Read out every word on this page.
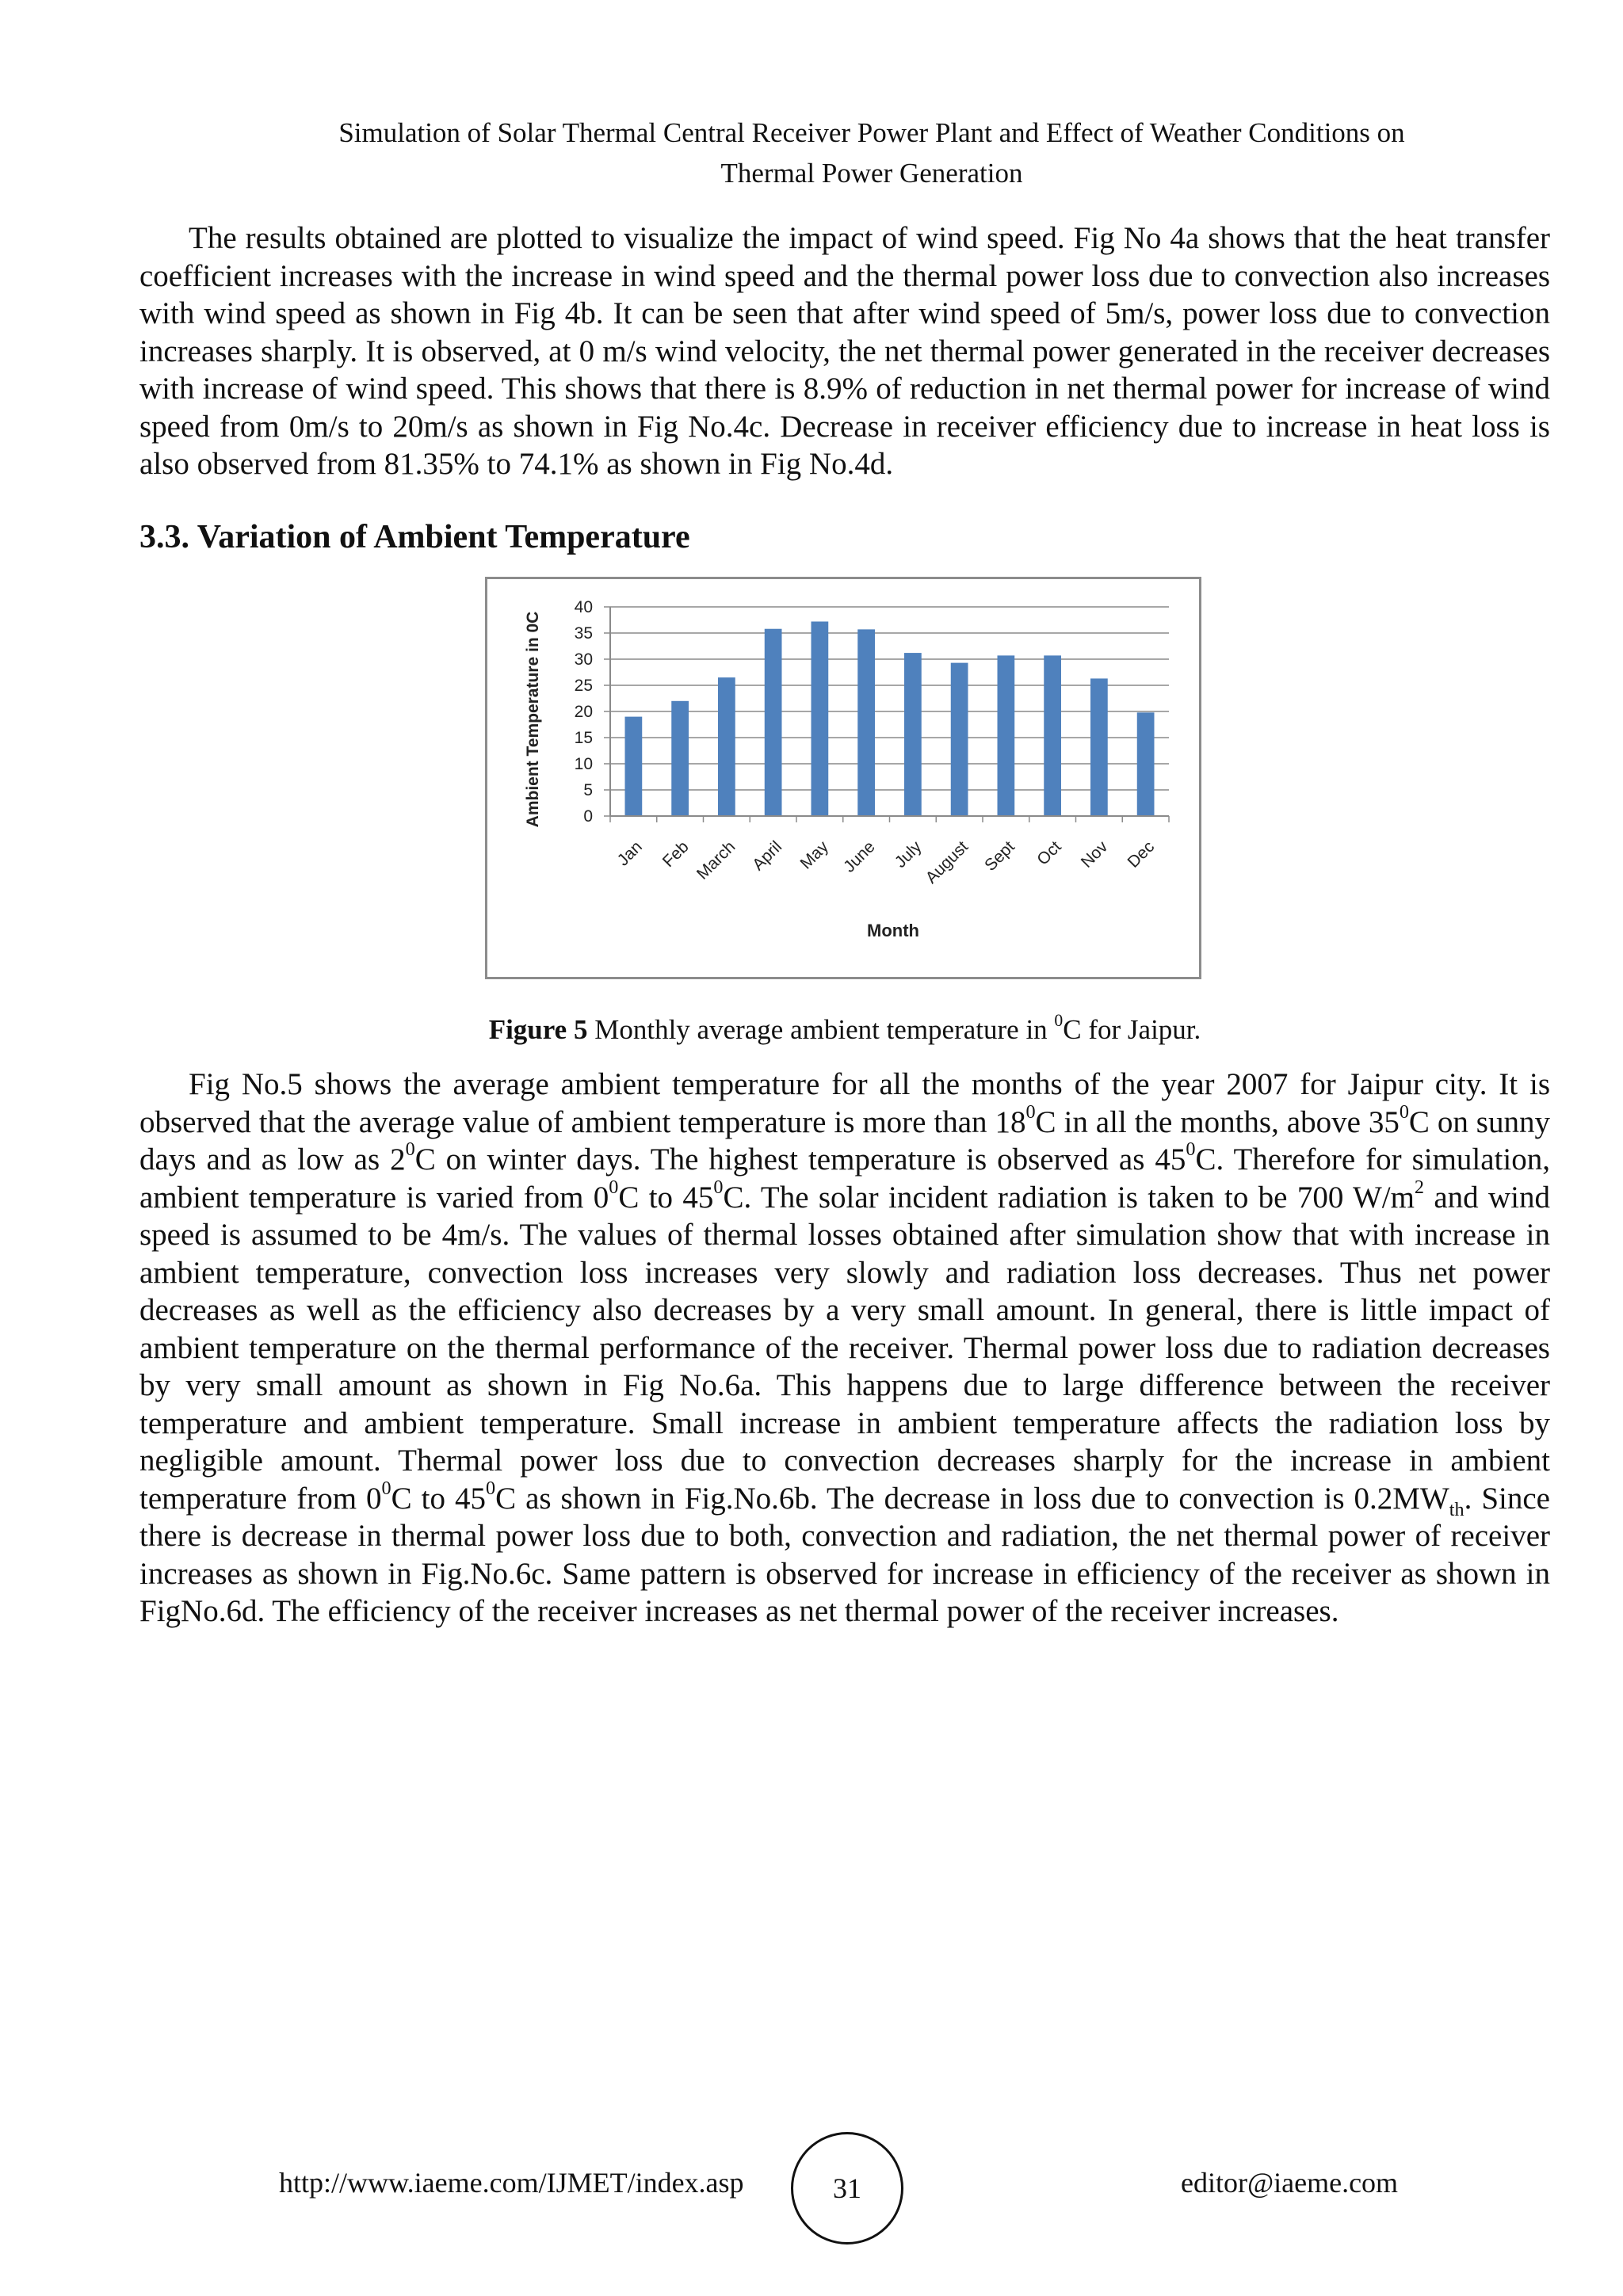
Simulation of Solar Thermal Central Receiver Power Plant and Effect of Weather Conditions on
Thermal Power Generation

The results obtained are plotted to visualize the impact of wind speed. Fig No 4a shows that the heat transfer coefficient increases with the increase in wind speed and the thermal power loss due to convection also increases with wind speed as shown in Fig 4b. It can be seen that after wind speed of 5m/s, power loss due to convection increases sharply. It is observed, at 0 m/s wind velocity, the net thermal power generated in the receiver decreases with increase of wind speed. This shows that there is 8.9% of reduction in net thermal power for increase of wind speed from 0m/s to 20m/s as shown in Fig No.4c. Decrease in receiver efficiency due to increase in heat loss is also observed from 81.35% to 74.1% as shown in Fig No.4d.

3.3. Variation of Ambient Temperature
0
5
10
15
20
25
30
35
40
Jan Feb March April May June July
August Sept Oct Nov Dec
Ambient Temperature in 0C
Month
Figure 5 Monthly average ambient temperature in $^0$C for Jaipur.

Fig No.5 shows the average ambient temperature for all the months of the year 2007 for Jaipur city. It is observed that the average value of ambient temperature is more than $18^0C$ in all the months, above $35^0C$ on sunny days and as low as $2^0C$ on winter days. The highest temperature is observed as $45^0C$. Therefore for simulation, ambient temperature is varied from $0^0C$ to $45^0C$. The solar incident radiation is taken to be 700 $W/m^2$ and wind speed is assumed to be 4m/s. The values of thermal losses obtained after simulation show that with increase in ambient temperature, convection loss increases very slowly and radiation loss decreases. Thus net power decreases as well as the efficiency also decreases by a very small amount. In general, there is little impact of ambient temperature on the thermal performance of the receiver. Thermal power loss due to radiation decreases by very small amount as shown in Fig No.6a. This happens due to large difference between the receiver temperature and ambient temperature. Small increase in ambient temperature affects the radiation loss by negligible amount. Thermal power loss due to convection decreases sharply for the increase in ambient temperature from $0^0C$ to $45^0C$ as shown in Fig.No.6b. The decrease in loss due to convection is $0.2MW_{th}$. Since there is decrease in thermal power loss due to both, convection and radiation, the net thermal power of receiver increases as shown in Fig.No.6c. Same pattern is observed for increase in efficiency of the receiver as shown in FigNo.6d. The efficiency of the receiver increases as net thermal power of the receiver increases.

http://www.iaeme.com/IJMET/index.asp	31	editor@iaeme.com
